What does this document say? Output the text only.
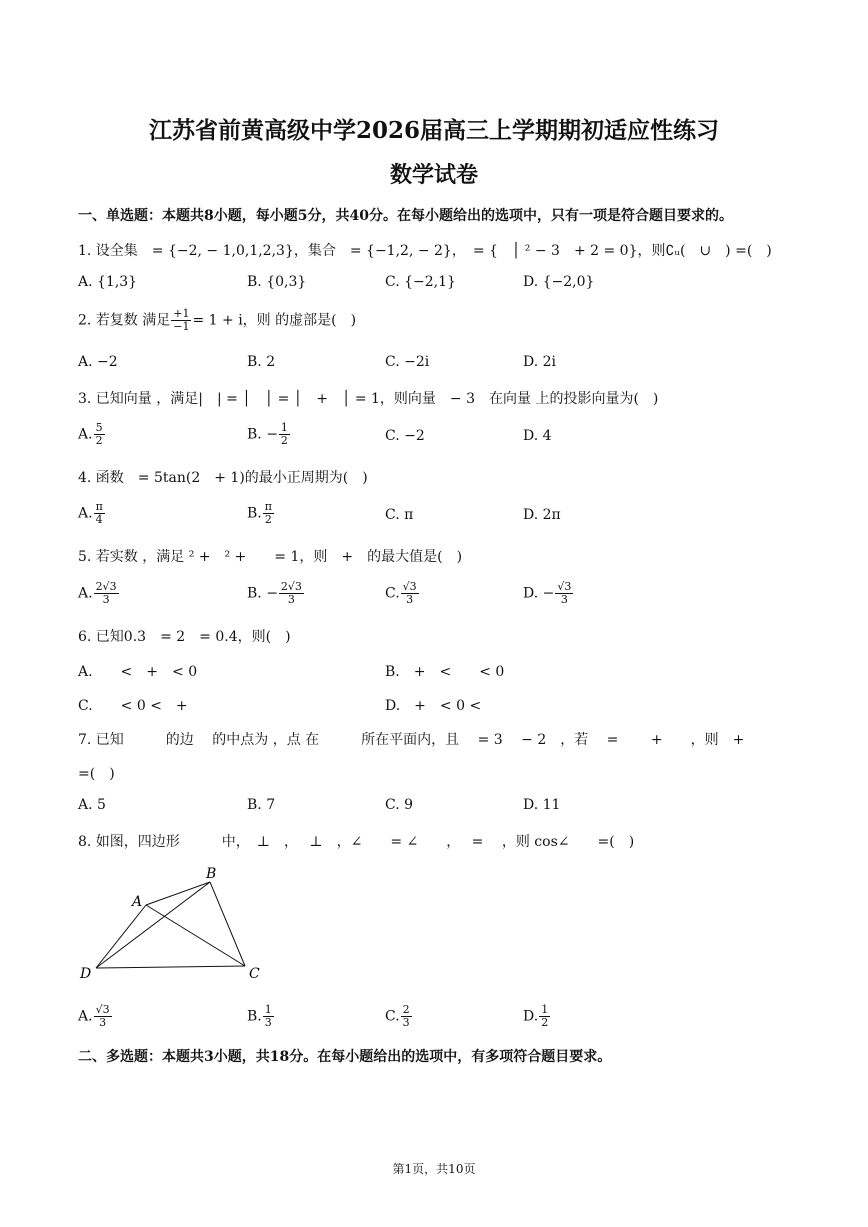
江苏省前黄高级中学2026届高三上学期期初适应性练习
数学试卷
一、单选题：本题共8小题，每小题5分，共40分。在每小题给出的选项中，只有一项是符合题目要求的。
1. 设全集　= {−2, − 1,0,1,2,3}，集合　= {−1,2, − 2}，　= {　│ ² − 3　+ 2 = 0}，则∁ᵤ(　∪　) =(　)
A. {1,3}	B. {0,3}	C. {−2,1}	D. {−2,0}
2. 若复数 满足 $\frac{+1}{-1} = 1 + i$，则 的虚部是(　)
A. −2	B. 2	C. −2i	D. 2i
3. 已知向量 ，满足|　| = │　│ = │　+　│ = 1，则向量　− 3　在向量 上的投影向量为(　)
A. $\frac{5}{2}$	B. − $\frac{1}{2}$	C. −2	D. 4
4. 函数　= 5tan(2　+ 1)的最小正周期为(　)
A. $\frac{\pi}{4}$	B. $\frac{\pi}{2}$	C. π	D. 2π
5. 若实数 ，满足 ² +　² +　　= 1，则　+　的最大值是(　)
A. $\frac{2√3}{3}$	B. − $\frac{2√3}{3}$	C. $\frac{√3}{3}$	D. − $\frac{√3}{3}$
6. 已知0.3　= 2　= 0.4，则(　)
A.　　<　+　< 0	B.　+　<　　< 0
C.　　< 0 <　+	D.　+　< 0 <
7. 已知　　　的边　 的中点为 ，点 在　　　所在平面内，且　 = 3　 − 2　，若　 =　　 +　　，则　+
=(　)
A. 5	B. 7	C. 9	D. 11
8. 如图，四边形　　　中，　⊥　，　 ⊥　，∠　　= ∠　　，　 =　 ，则 cos∠　　=(　)
A
B
C
D
A. $\frac{√3}{3}$	B. $\frac{1}{3}$	C. $\frac{2}{3}$	D. $\frac{1}{2}$
二、多选题：本题共3小题，共18分。在每小题给出的选项中，有多项符合题目要求。
第1页，共10页
